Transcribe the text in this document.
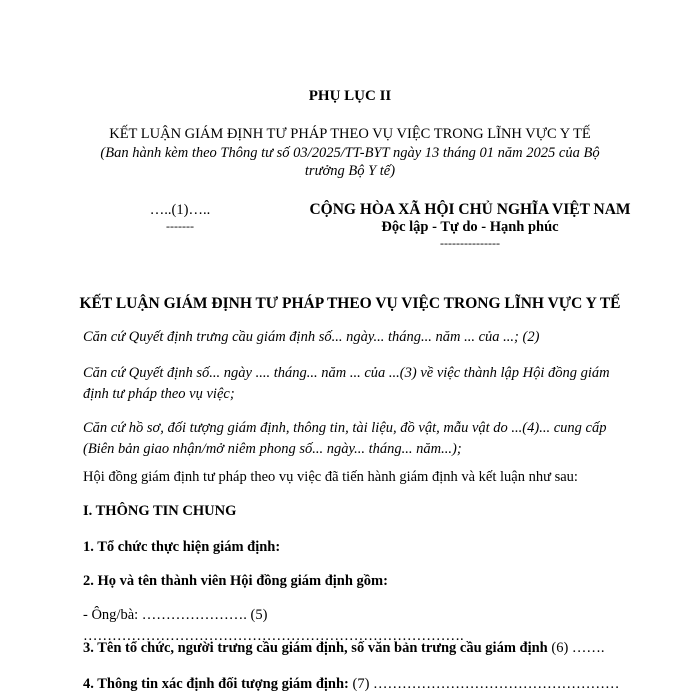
PHỤ LỤC II
KẾT LUẬN GIÁM ĐỊNH TƯ PHÁP THEO VỤ VIỆC TRONG LĨNH VỰC Y TẾ
(Ban hành kèm theo Thông tư số 03/2025/TT-BYT ngày 13 tháng 01 năm 2025 của Bộ trưởng Bộ Y tế)
…..(1)…..
-------
CỘNG HÒA XÃ HỘI CHỦ NGHĨA VIỆT NAM
Độc lập - Tự do - Hạnh phúc
---------------
KẾT LUẬN GIÁM ĐỊNH TƯ PHÁP THEO VỤ VIỆC TRONG LĨNH VỰC Y TẾ
Căn cứ Quyết định trưng cầu giám định số... ngày... tháng... năm ... của ...; (2)
Căn cứ Quyết định số... ngày .... tháng... năm ... của ...(3) về việc thành lập Hội đồng giám định tư pháp theo vụ việc;
Căn cứ hồ sơ, đối tượng giám định, thông tin, tài liệu, đồ vật, mẫu vật do ...(4)... cung cấp (Biên bản giao nhận/mở niêm phong số... ngày... tháng... năm...);
Hội đồng giám định tư pháp theo vụ việc đã tiến hành giám định và kết luận như sau:
I. THÔNG TIN CHUNG
1. Tổ chức thực hiện giám định:
2. Họ và tên thành viên Hội đồng giám định gồm:
- Ông/bà: …………………. (5) …………………………………………………………………….
3. Tên tổ chức, người trưng cầu giám định, số văn bản trưng cầu giám định (6) …….
4. Thông tin xác định đối tượng giám định: (7) ……………………………………………
